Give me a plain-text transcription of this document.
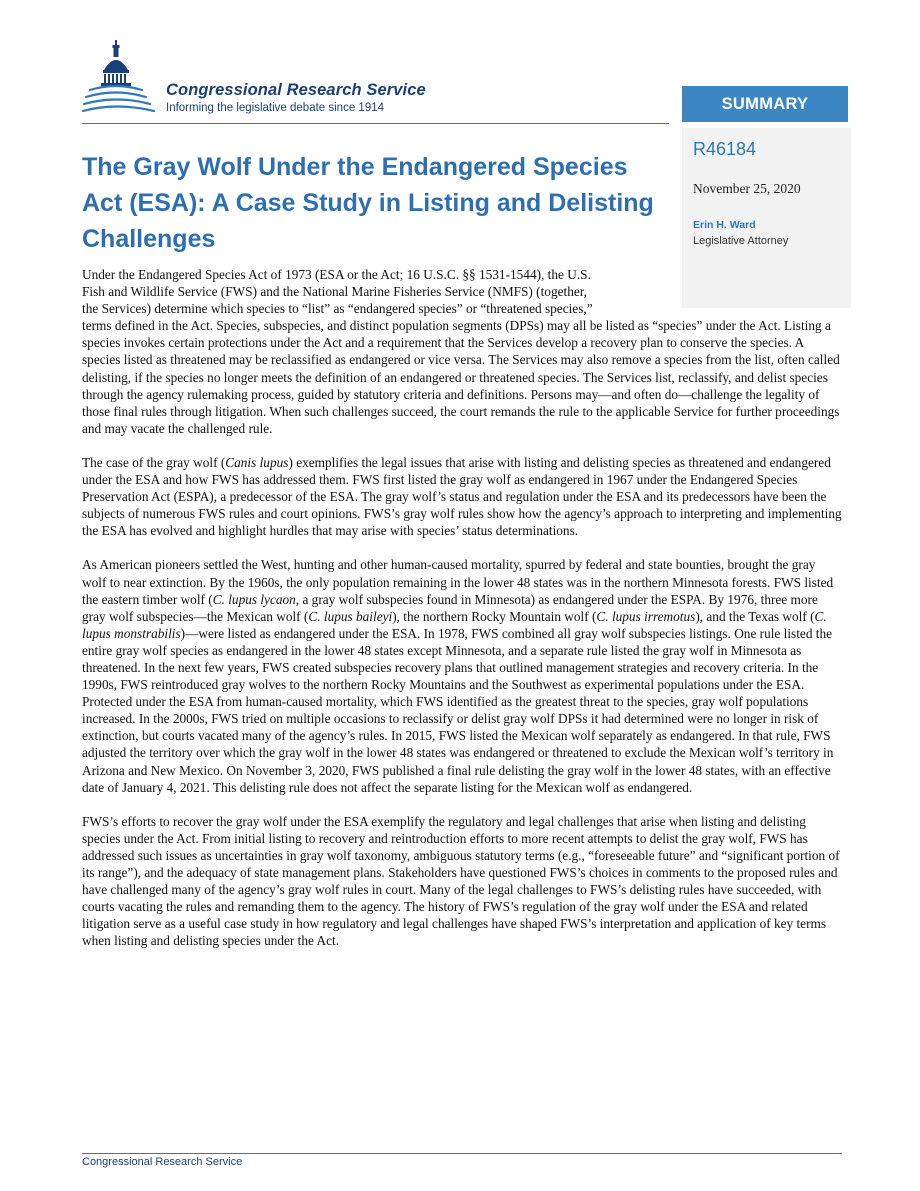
Congressional Research Service

Informing the legislative debate since 1914	SUMMARY

R46184

November 25, 2020

Erin H. Ward

Legislative Attorney

The Gray Wolf Under the Endangered Species
Act (ESA): A Case Study in Listing and Delisting
Challenges
Under the Endangered Species Act of 1973 (ESA or the Act; 16 U.S.C. §§ 1531-1544), the U.S.
Fish and Wildlife Service (FWS) and the National Marine Fisheries Service (NMFS) (together,
the Services) determine which species to “list” as “endangered species” or “threatened species,”

terms defined in the Act. Species, subspecies, and distinct population segments (DPSs) may all be listed as “species” under the Act. Listing a species invokes certain protections under the Act and a requirement that the Services develop a recovery plan to conserve the species. A species listed as threatened may be reclassified as endangered or vice versa. The Services may also remove a species from the list, often called delisting, if the species no longer meets the definition of an endangered or threatened species. The Services list, reclassify, and delist species through the agency rulemaking process, guided by statutory criteria and definitions. Persons may—and often do—challenge the legality of those final rules through litigation. When such challenges succeed, the court remands the rule to the applicable Service for further proceedings and may vacate the challenged rule.

The case of the gray wolf (Canis lupus) exemplifies the legal issues that arise with listing and delisting species as threatened and endangered under the ESA and how FWS has addressed them. FWS first listed the gray wolf as endangered in 1967 under the Endangered Species Preservation Act (ESPA), a predecessor of the ESA. The gray wolf’s status and regulation under the ESA and its predecessors have been the subjects of numerous FWS rules and court opinions. FWS’s gray wolf rules show how the agency’s approach to interpreting and implementing the ESA has evolved and highlight hurdles that may arise with species’ status determinations.

As American pioneers settled the West, hunting and other human-caused mortality, spurred by federal and state bounties, brought the gray wolf to near extinction. By the 1960s, the only population remaining in the lower 48 states was in the northern Minnesota forests. FWS listed the eastern timber wolf (C. lupus lycaon, a gray wolf subspecies found in Minnesota) as endangered under the ESPA. By 1976, three more gray wolf subspecies—the Mexican wolf (C. lupus baileyi), the northern Rocky Mountain wolf (C. lupus irremotus), and the Texas wolf (C. lupus monstrabilis)—were listed as endangered under the ESA. In 1978, FWS combined all gray wolf subspecies listings. One rule listed the entire gray wolf species as endangered in the lower 48 states except Minnesota, and a separate rule listed the gray wolf in Minnesota as threatened. In the next few years, FWS created subspecies recovery plans that outlined management strategies and recovery criteria. In the 1990s, FWS reintroduced gray wolves to the northern Rocky Mountains and the Southwest as experimental populations under the ESA. Protected under the ESA from human-caused mortality, which FWS identified as the greatest threat to the species, gray wolf populations increased. In the 2000s, FWS tried on multiple occasions to reclassify or delist gray wolf DPSs it had determined were no longer in risk of extinction, but courts vacated many of the agency’s rules. In 2015, FWS listed the Mexican wolf separately as endangered. In that rule, FWS adjusted the territory over which the gray wolf in the lower 48 states was endangered or threatened to exclude the Mexican wolf’s territory in Arizona and New Mexico. On November 3, 2020, FWS published a final rule delisting the gray wolf in the lower 48 states, with an effective date of January 4, 2021. This delisting rule does not affect the separate listing for the Mexican wolf as endangered.

FWS’s efforts to recover the gray wolf under the ESA exemplify the regulatory and legal challenges that arise when listing and delisting species under the Act. From initial listing to recovery and reintroduction efforts to more recent attempts to delist the gray wolf, FWS has addressed such issues as uncertainties in gray wolf taxonomy, ambiguous statutory terms (e.g., “foreseeable future” and “significant portion of its range”), and the adequacy of state management plans. Stakeholders have questioned FWS’s choices in comments to the proposed rules and have challenged many of the agency’s gray wolf rules in court. Many of the legal challenges to FWS’s delisting rules have succeeded, with courts vacating the rules and remanding them to the agency. The history of FWS’s regulation of the gray wolf under the ESA and related litigation serve as a useful case study in how regulatory and legal challenges have shaped FWS’s interpretation and application of key terms when listing and delisting species under the Act.

Congressional Research Service
